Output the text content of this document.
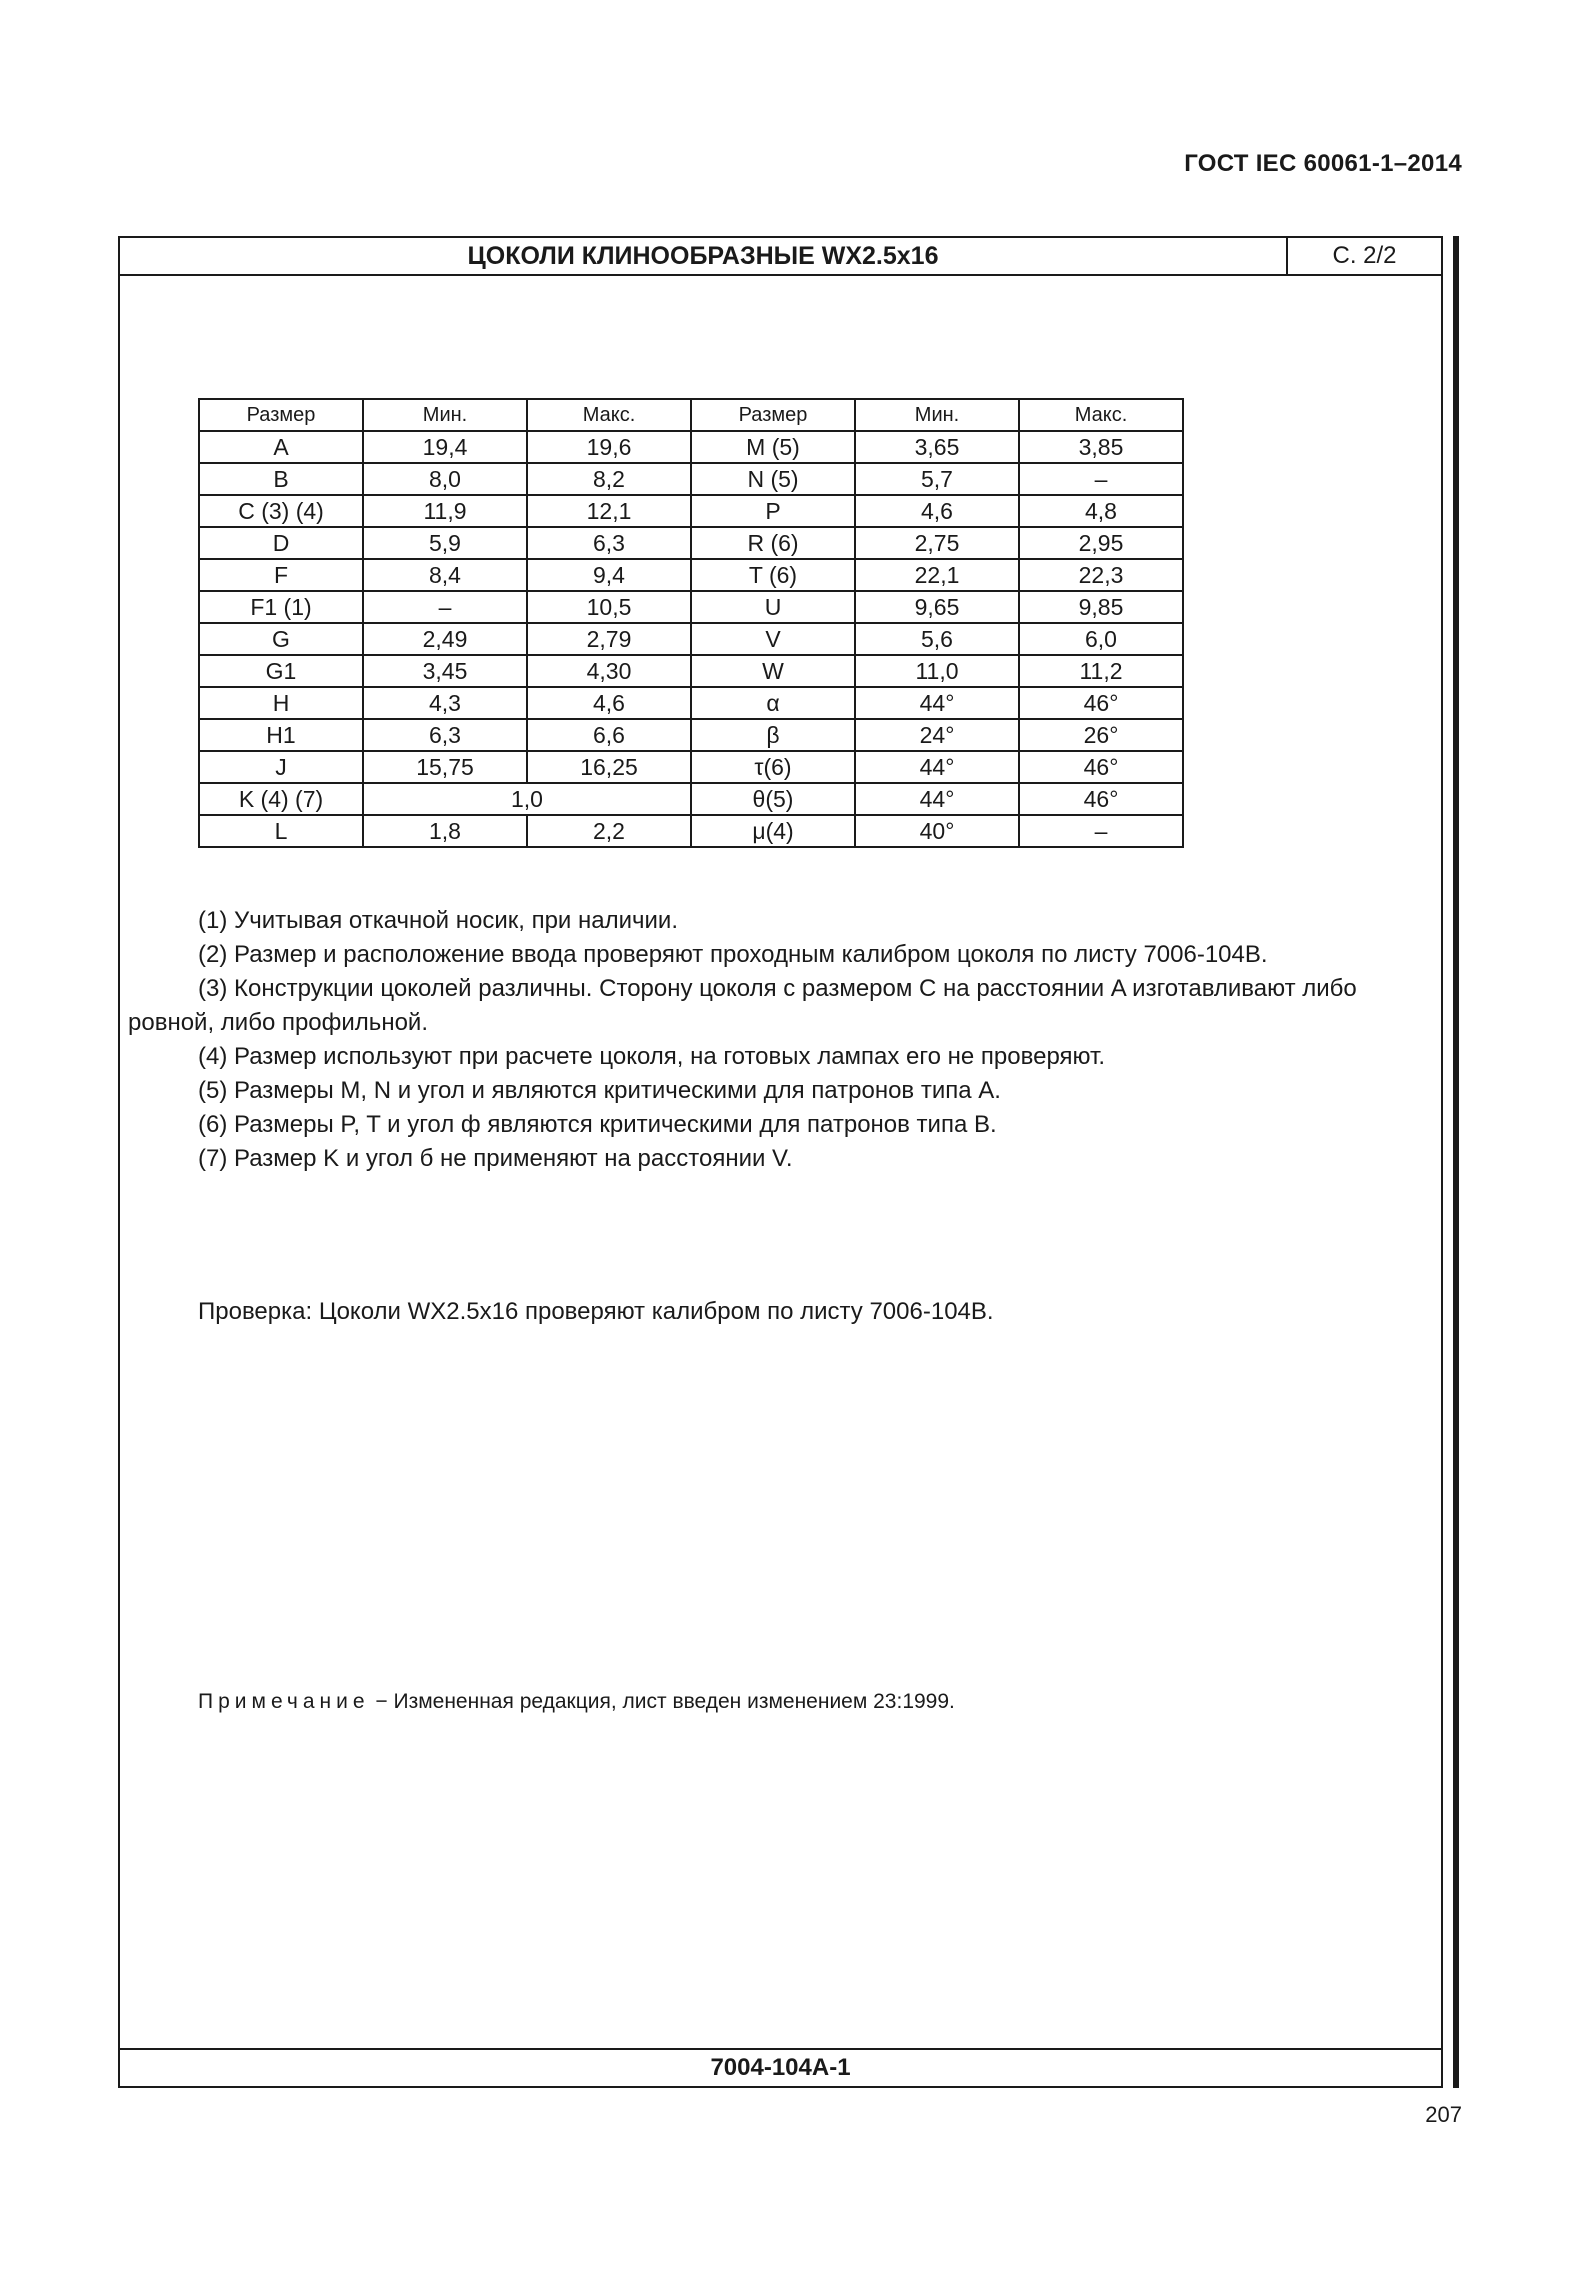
ГОСТ IEC 60061-1–2014
ЦОКОЛИ КЛИНООБРАЗНЫЕ WX2.5x16	С. 2/2
Размер	Мин.	Макс.	Размер	Мин.	Макс.
A	19,4	19,6	M (5)	3,65	3,85
B	8,0	8,2	N (5)	5,7	–
C (3) (4)	11,9	12,1	P	4,6	4,8
D	5,9	6,3	R (6)	2,75	2,95
F	8,4	9,4	T (6)	22,1	22,3
F1 (1)	–	10,5	U	9,65	9,85
G	2,49	2,79	V	5,6	6,0
G1	3,45	4,30	W	11,0	11,2
H	4,3	4,6	α	44°	46°
H1	6,3	6,6	β	24°	26°
J	15,75	16,25	τ(6)	44°	46°
K (4) (7)	1,0		θ(5)	44°	46°
L	1,8	2,2	μ(4)	40°	–

(1) Учитывая откачной носик, при наличии.

(2) Размер и расположение ввода проверяют проходным калибром цоколя по листу 7006-104B.

(3) Конструкции цоколей различны. Сторону цоколя с размером C на расстоянии A изготавливают либо ровной, либо профильной.

(4) Размер используют при расчете цоколя, на готовых лампах его не проверяют.

(5) Размеры M, N и угол и являются критическими для патронов типа A.

(6) Размеры P, T и угол ф являются критическими для патронов типа B.

(7) Размер K и угол б не применяют на расстоянии V.

Проверка: Цоколи WX2.5x16 проверяют калибром по листу 7006-104B.
Примечание − Измененная редакция, лист введен изменением 23:1999.
7004-104A-1
207
